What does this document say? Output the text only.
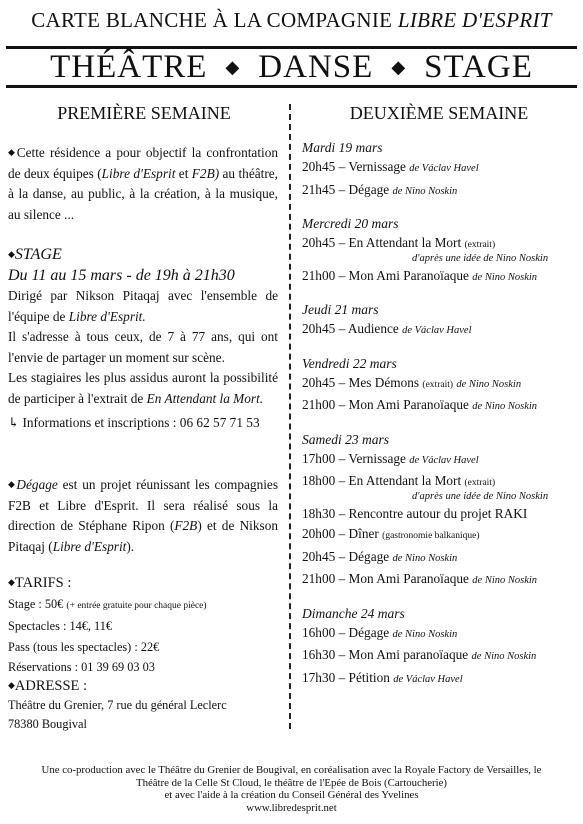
CARTE BLANCHE À LA COMPAGNIE LIBRE D'ESPRIT
THÉÂTRE ◆ DANSE ◆ STAGE
PREMIÈRE SEMAINE
◆Cette résidence a pour objectif la confrontation de deux équipes (Libre d'Esprit et F2B) au théâtre, à la danse, au public, à la création, à la musique, au silence ...
◆STAGE
Du 11 au 15 mars - de 19h à 21h30
Dirigé par Nikson Pitaqaj avec l'ensemble de l'équipe de Libre d'Esprit.
Il s'adresse à tous ceux, de 7 à 77 ans, qui ont l'envie de partager un moment sur scène.
Les stagiaires les plus assidus auront la possibilité de participer à l'extrait de En Attendant la Mort.
↳ Informations et inscriptions : 06 62 57 71 53
◆Dégage est un projet réunissant les compagnies F2B et Libre d'Esprit. Il sera réalisé sous la direction de Stéphane Ripon (F2B) et de Nikson Pitaqaj (Libre d'Esprit).
◆TARIFS :
Stage : 50€ (+ entrée gratuite pour chaque pièce)
Spectacles : 14€, 11€
Pass (tous les spectacles) : 22€
Réservations : 01 39 69 03 03
◆ADRESSE :
Théâtre du Grenier, 7 rue du général Leclerc
78380 Bougival
DEUXIÈME SEMAINE
Mardi 19 mars
20h45 – Vernissage de Václav Havel
21h45 – Dégage de Nino Noskin
Mercredi 20 mars
20h45 – En Attendant la Mort (extrait)
d'après une idée de Nino Noskin
21h00 – Mon Ami Paranoïaque de Nino Noskin
Jeudi 21 mars
20h45 – Audience de Václav Havel
Vendredi 22 mars
20h45 – Mes Démons (extrait) de Nino Noskin
21h00 – Mon Ami Paranoïaque de Nino Noskin
Samedi 23 mars
17h00 – Vernissage de Václav Havel
18h00 – En Attendant la Mort (extrait)
d'après une idée de Nino Noskin
18h30 – Rencontre autour du projet RAKI
20h00 – Dîner (gastronomie balkanique)
20h45 – Dégage de Nino Noskin
21h00 – Mon Ami Paranoïaque de Nino Noskin
Dimanche 24 mars
16h00 – Dégage de Nino Noskin
16h30 – Mon Ami paranoïaque de Nino Noskin
17h30 – Pétition de Václav Havel
Une co-production avec le Théâtre du Grenier de Bougival, en coréalisation avec la Royale Factory de Versailles, le
Théâtre de la Celle St Cloud, le théâtre de l'Epée de Bois (Cartoucherie)
et avec l'aide à la création du Conseil Général des Yvelines
www.libredesprit.net
